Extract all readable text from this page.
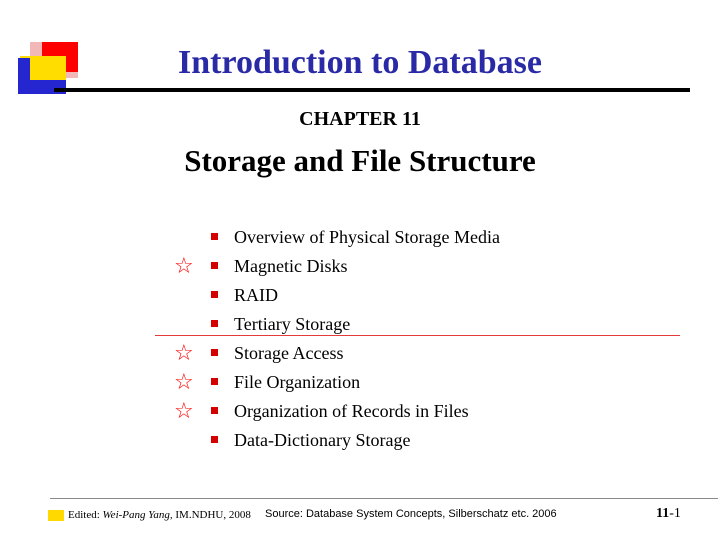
Introduction to Database
CHAPTER 11
Storage and File Structure
Overview of Physical Storage Media
☆ Magnetic Disks
RAID
Tertiary Storage
☆ Storage Access
☆ File Organization
☆ Organization of Records in Files
Data-Dictionary Storage
Edited: Wei-Pang Yang, IM.NDHU, 2008 Source: Database System Concepts, Silberschatz etc. 2006	11-1
